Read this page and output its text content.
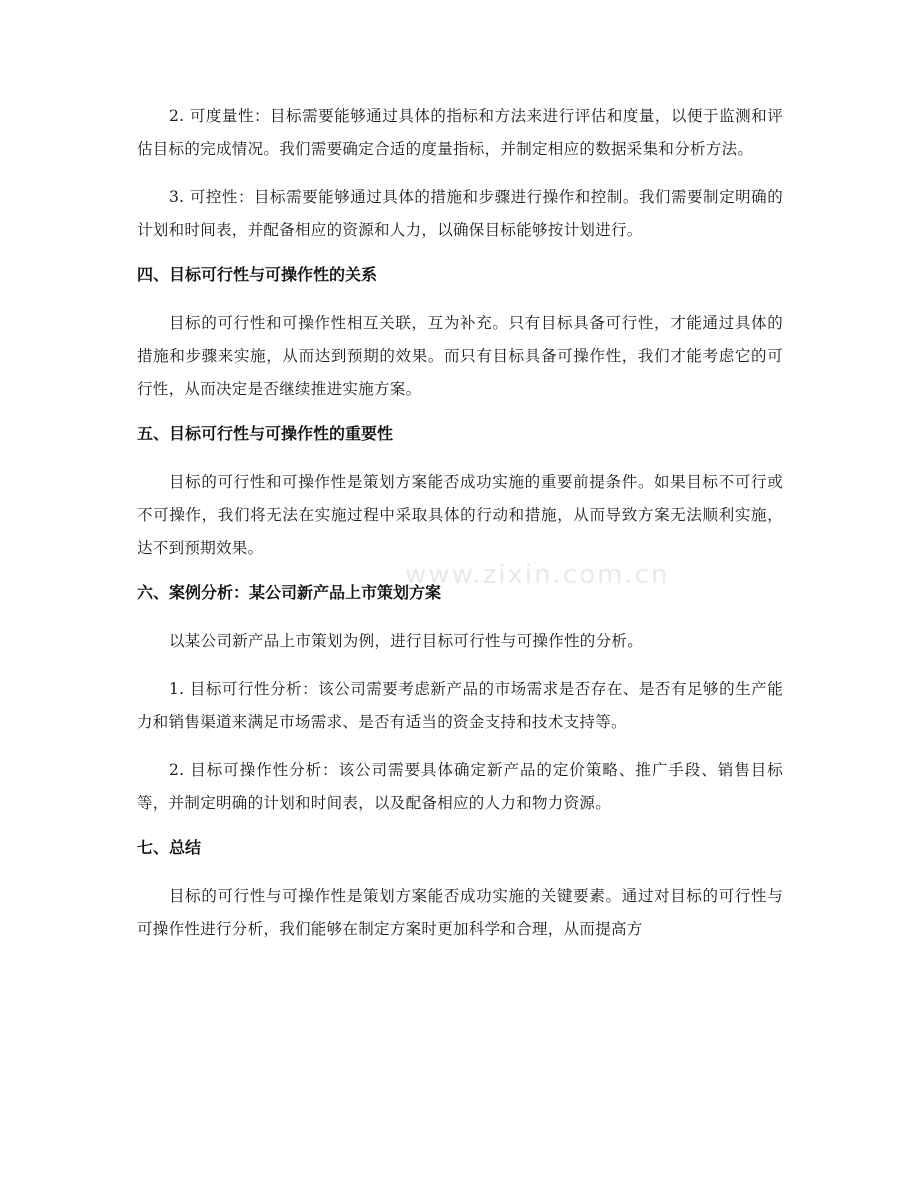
www.zixin.com.cn

2. 可度量性：目标需要能够通过具体的指标和方法来进行评估和度量，以便于监测和评估目标的完成情况。我们需要确定合适的度量指标，并制定相应的数据采集和分析方法。

3. 可控性：目标需要能够通过具体的措施和步骤进行操作和控制。我们需要制定明确的计划和时间表，并配备相应的资源和人力，以确保目标能够按计划进行。

四、目标可行性与可操作性的关系

目标的可行性和可操作性相互关联，互为补充。只有目标具备可行性，才能通过具体的措施和步骤来实施，从而达到预期的效果。而只有目标具备可操作性，我们才能考虑它的可行性，从而决定是否继续推进实施方案。

五、目标可行性与可操作性的重要性

目标的可行性和可操作性是策划方案能否成功实施的重要前提条件。如果目标不可行或不可操作，我们将无法在实施过程中采取具体的行动和措施，从而导致方案无法顺利实施，达不到预期效果。

六、案例分析：某公司新产品上市策划方案

以某公司新产品上市策划为例，进行目标可行性与可操作性的分析。

1. 目标可行性分析：该公司需要考虑新产品的市场需求是否存在、是否有足够的生产能力和销售渠道来满足市场需求、是否有适当的资金支持和技术支持等。

2. 目标可操作性分析：该公司需要具体确定新产品的定价策略、推广手段、销售目标等，并制定明确的计划和时间表，以及配备相应的人力和物力资源。

七、总结

目标的可行性与可操作性是策划方案能否成功实施的关键要素。通过对目标的可行性与可操作性进行分析，我们能够在制定方案时更加科学和合理，从而提高方
